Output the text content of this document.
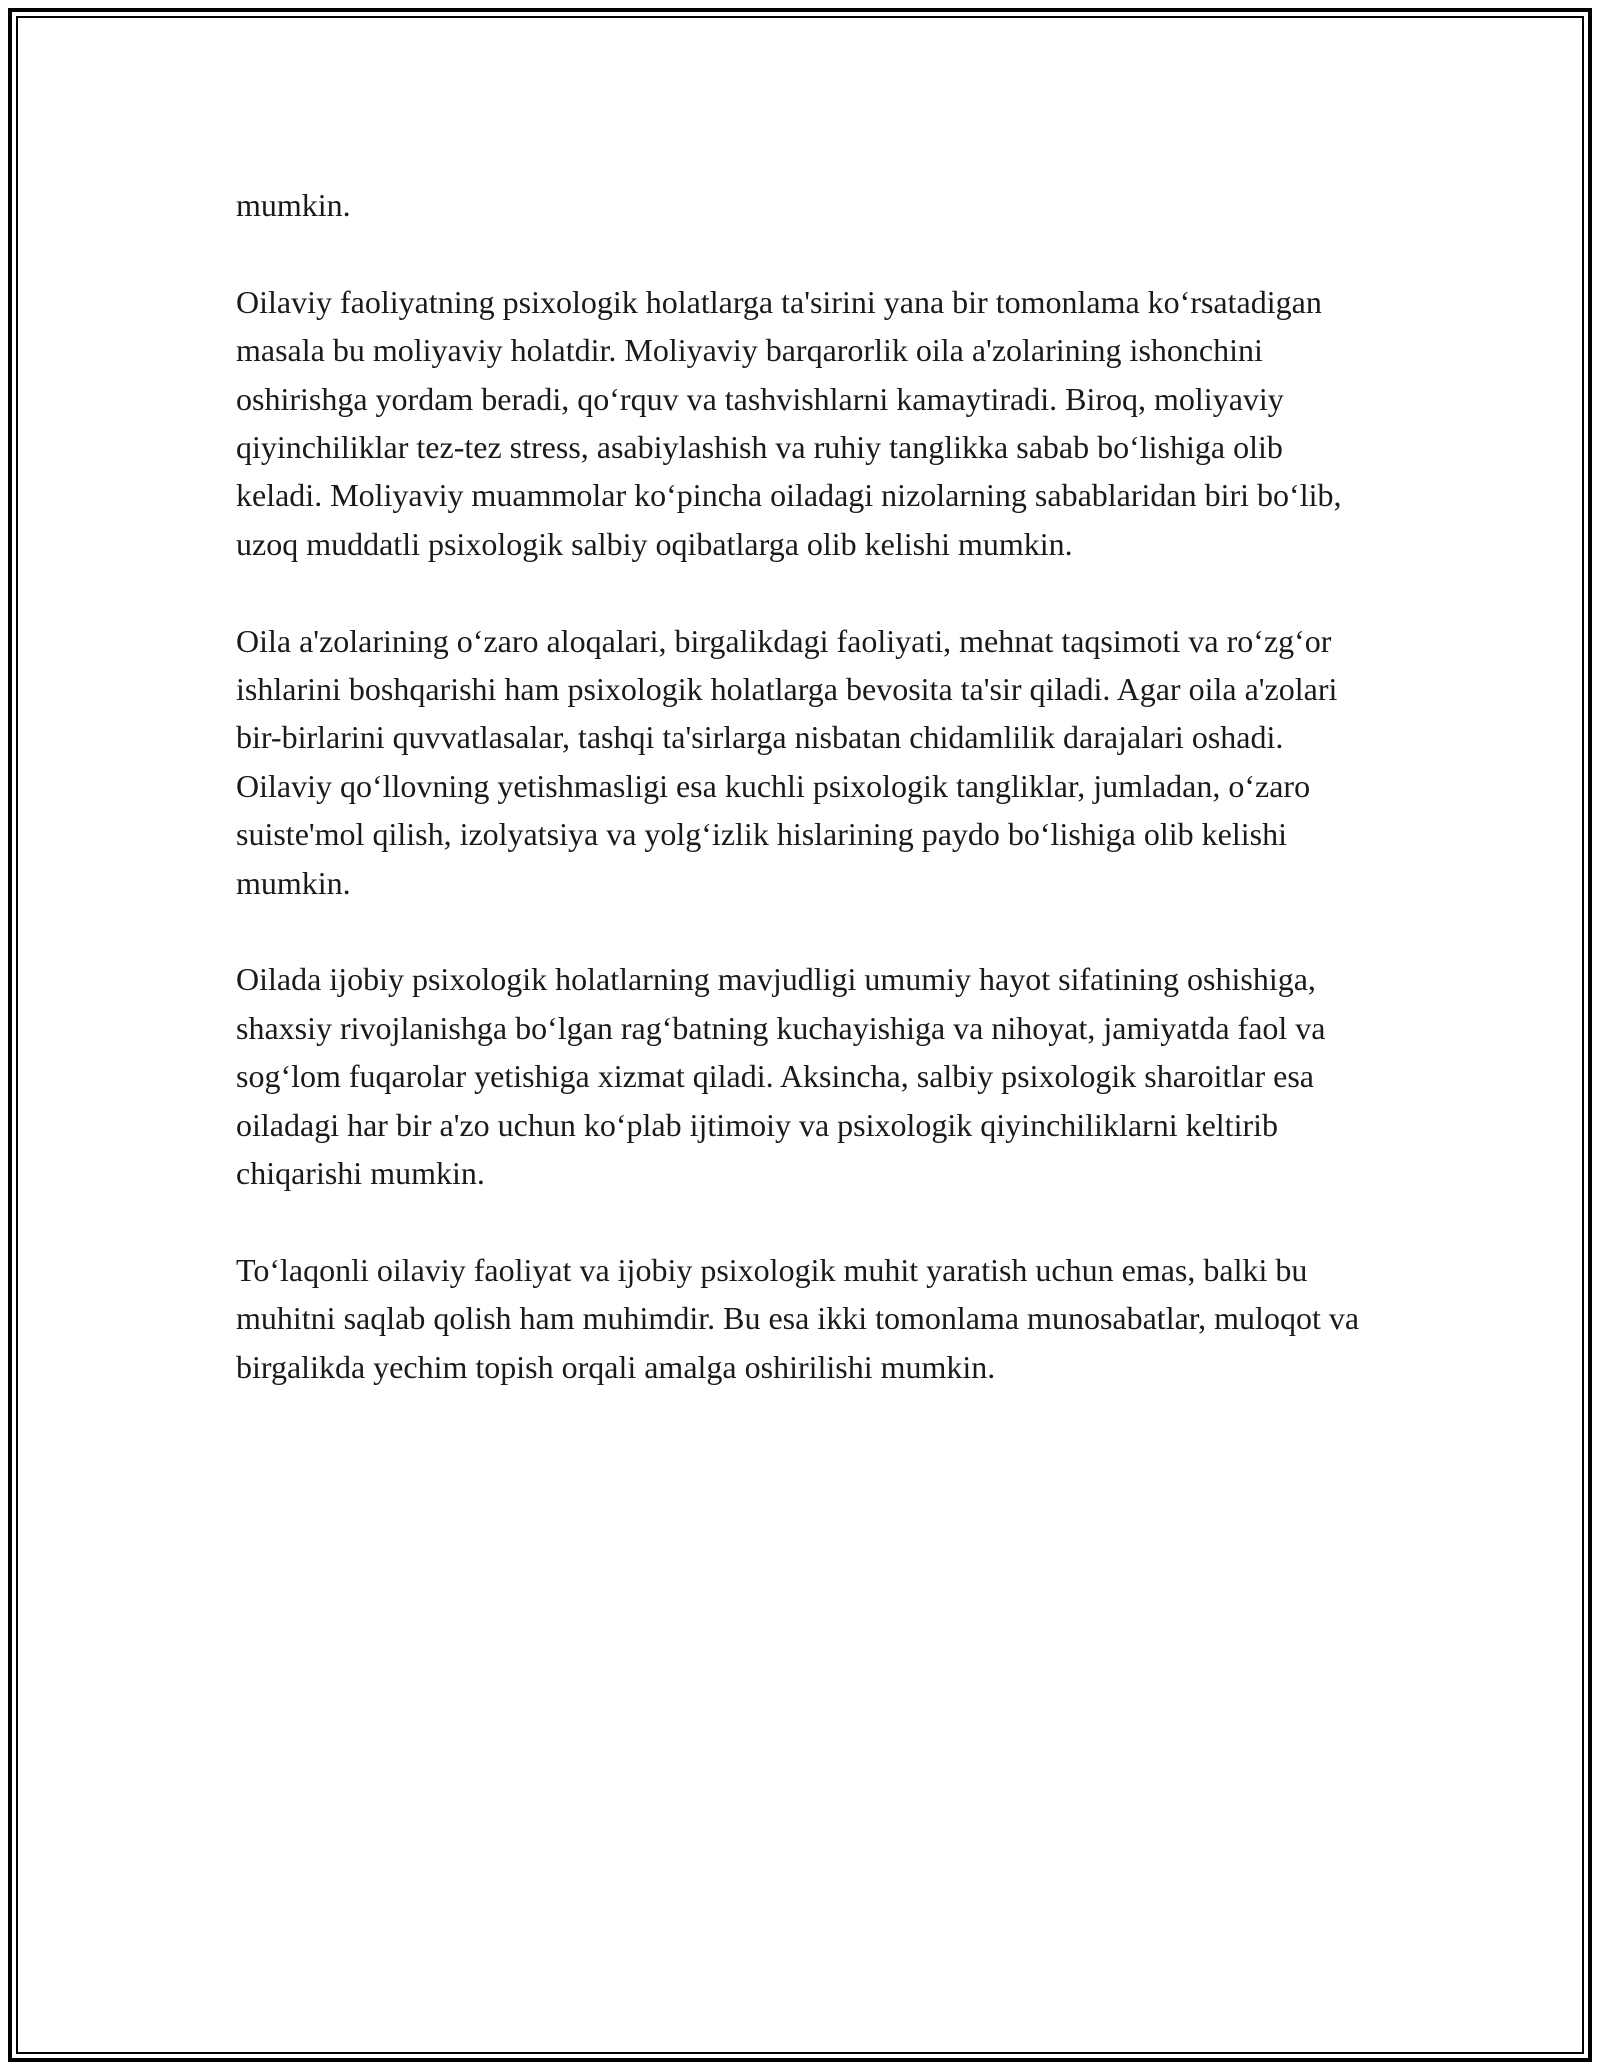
mumkin.

Oilaviy faoliyatning psixologik holatlarga ta'sirini yana bir tomonlama ko‘rsatadigan masala bu moliyaviy holatdir. Moliyaviy barqarorlik oila a'zolarining ishonchini oshirishga yordam beradi, qo‘rquv va tashvishlarni kamaytiradi. Biroq, moliyaviy qiyinchiliklar tez-tez stress, asabiylashish va ruhiy tanglikka sabab bo‘lishiga olib keladi. Moliyaviy muammolar ko‘pincha oiladagi nizolarning sabablaridan biri bo‘lib, uzoq muddatli psixologik salbiy oqibatlarga olib kelishi mumkin.

Oila a'zolarining o‘zaro aloqalari, birgalikdagi faoliyati, mehnat taqsimoti va ro‘zg‘or ishlarini boshqarishi ham psixologik holatlarga bevosita ta'sir qiladi. Agar oila a'zolari bir-birlarini quvvatlasalar, tashqi ta'sirlarga nisbatan chidamlilik darajalari oshadi. Oilaviy qo‘llovning yetishmasligi esa kuchli psixologik tangliklar, jumladan, o‘zaro suiste'mol qilish, izolyatsiya va yolg‘izlik hislarining paydo bo‘lishiga olib kelishi mumkin.

Oilada ijobiy psixologik holatlarning mavjudligi umumiy hayot sifatining oshishiga, shaxsiy rivojlanishga bo‘lgan rag‘batning kuchayishiga va nihoyat, jamiyatda faol va sog‘lom fuqarolar yetishiga xizmat qiladi. Aksincha, salbiy psixologik sharoitlar esa oiladagi har bir a'zo uchun ko‘plab ijtimoiy va psixologik qiyinchiliklarni keltirib chiqarishi mumkin.

To‘laqonli oilaviy faoliyat va ijobiy psixologik muhit yaratish uchun emas, balki bu muhitni saqlab qolish ham muhimdir. Bu esa ikki tomonlama munosabatlar, muloqot va birgalikda yechim topish orqali amalga oshirilishi mumkin.
